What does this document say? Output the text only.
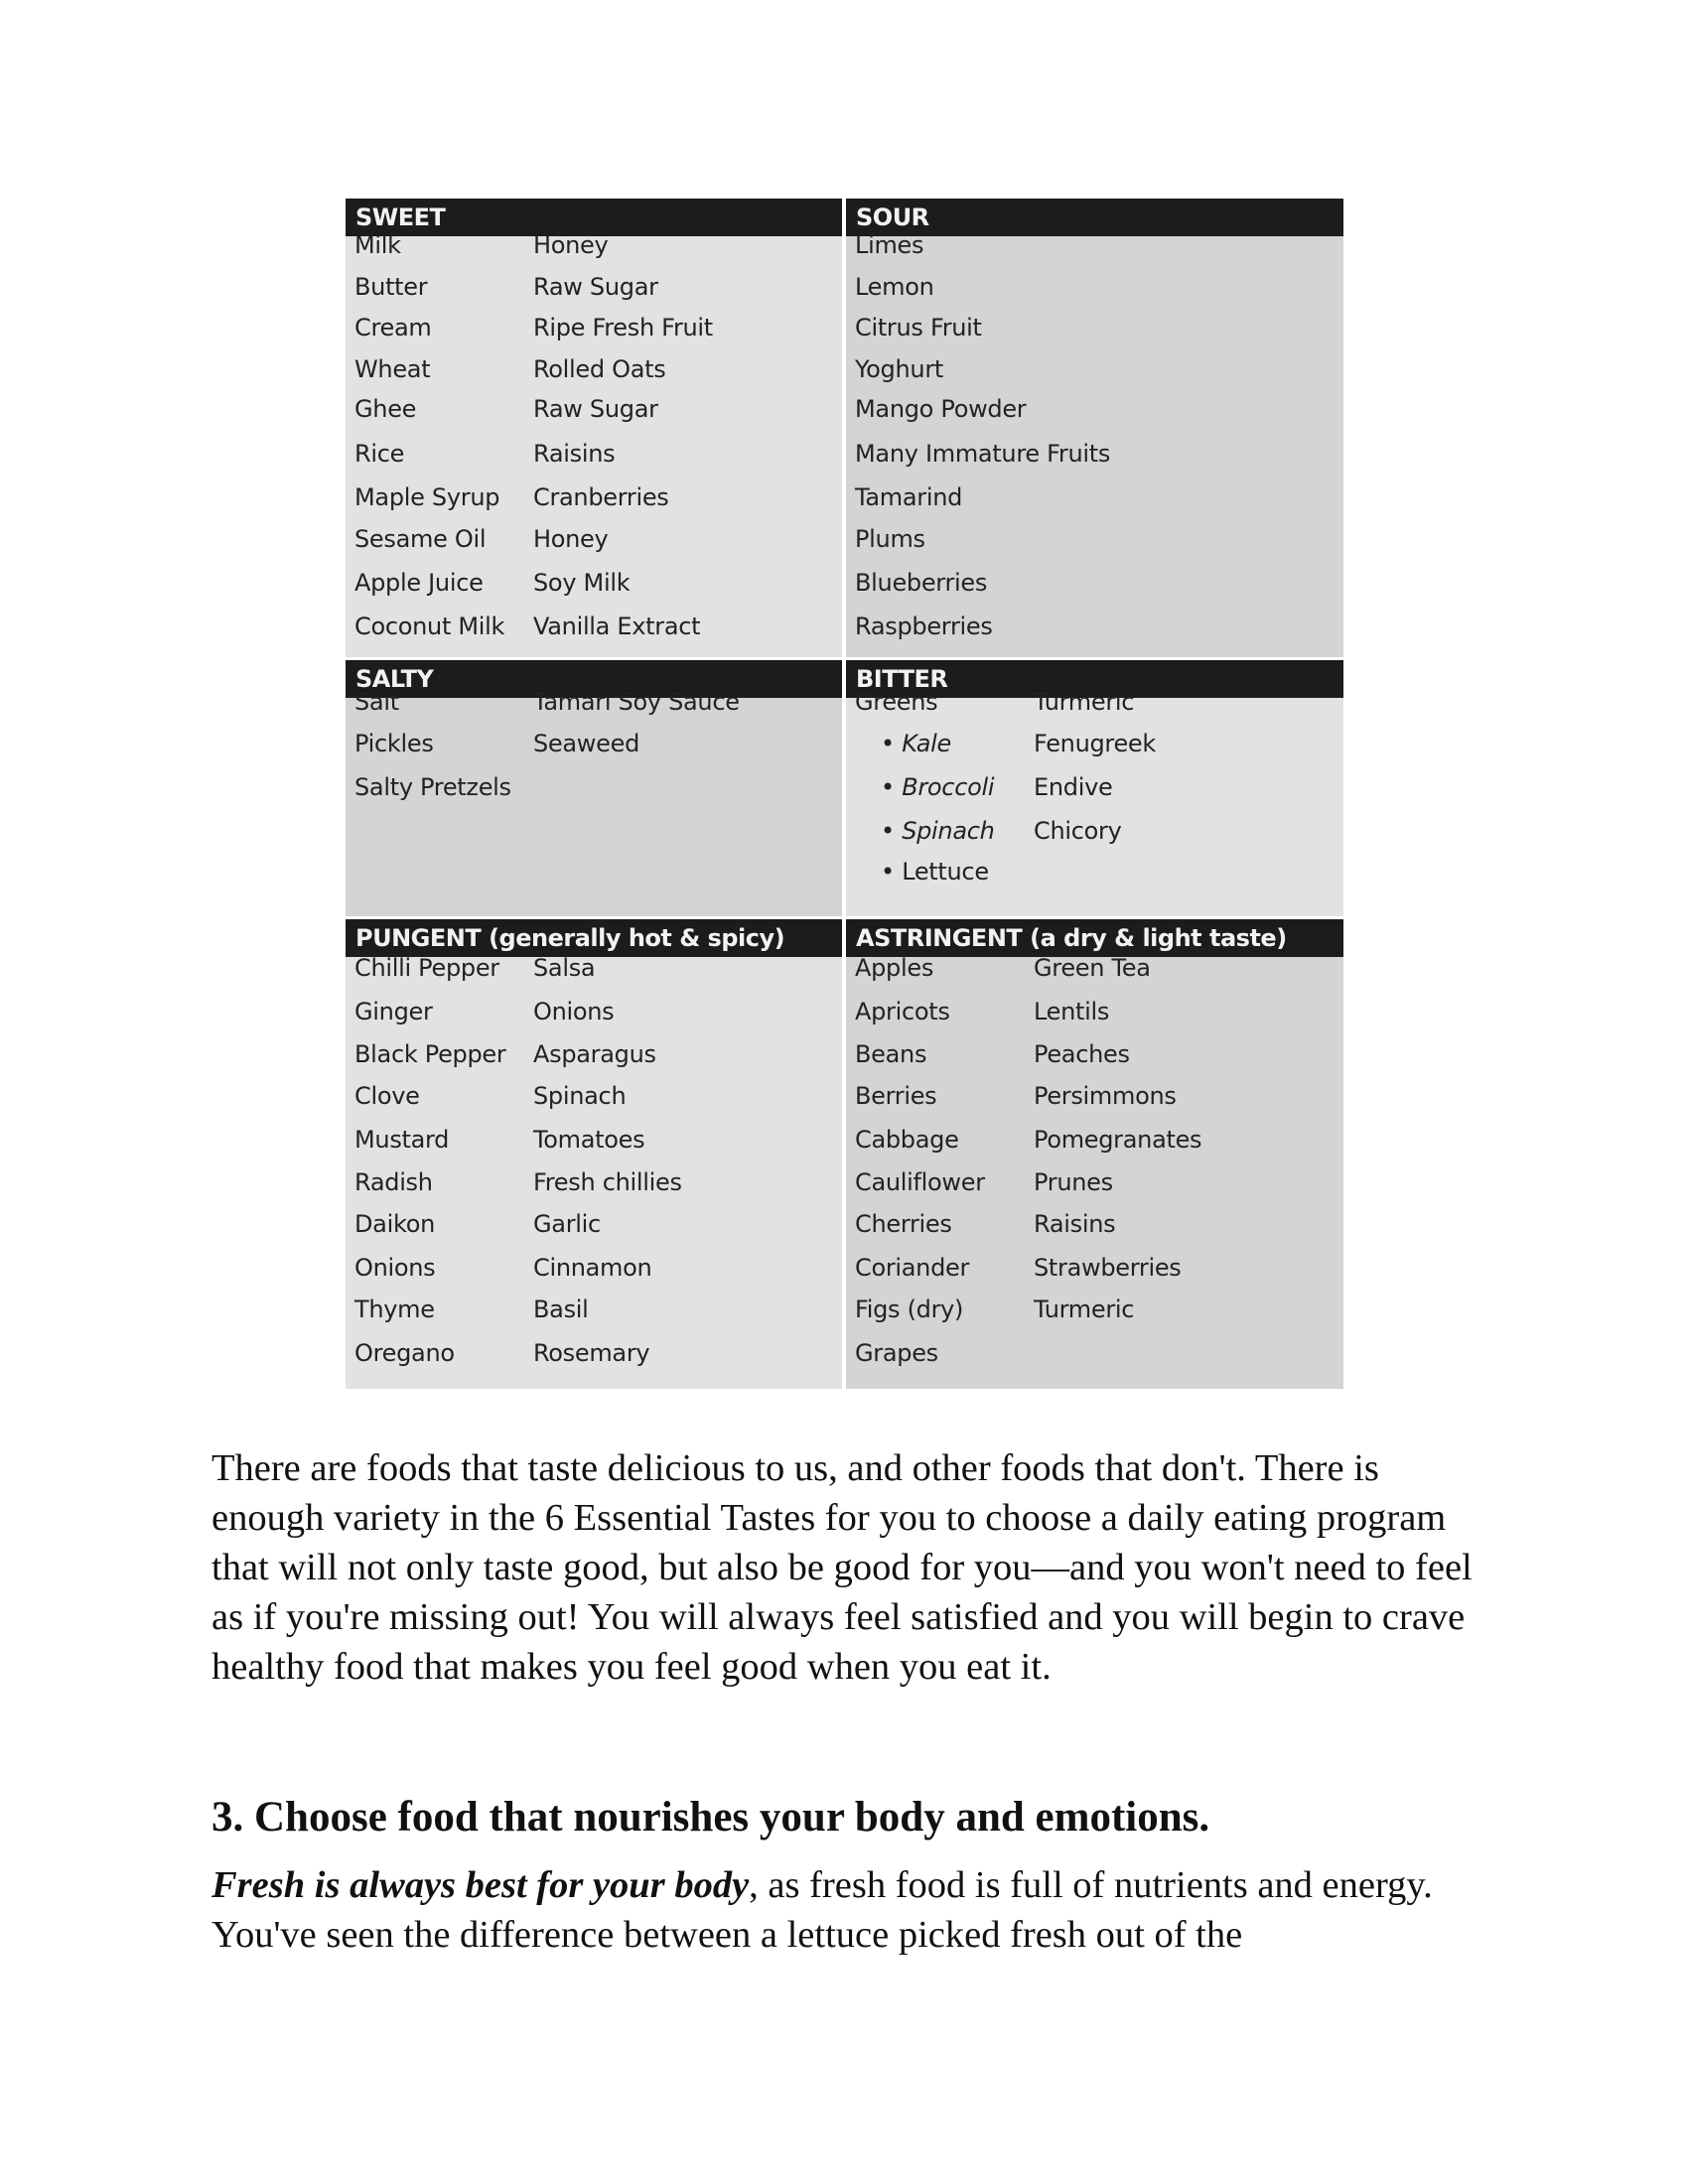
SWEET
Milk
Butter
Cream
Wheat
Ghee
Rice
Maple Syrup
Sesame Oil
Apple Juice
Coconut Milk
Honey
Raw Sugar
Ripe Fresh Fruit
Rolled Oats
Raw Sugar
Raisins
Cranberries
Honey
Soy Milk
Vanilla Extract
SOUR
Limes
Lemon
Citrus Fruit
Yoghurt
Mango Powder
Many Immature Fruits
Tamarind
Plums
Blueberries
Raspberries
SALTY
Salt
Pickles
Salty Pretzels
Tamari Soy Sauce
Seaweed
BITTER
Greens
• Kale
• Broccoli
• Spinach
• Lettuce
Turmeric
Fenugreek
Endive
Chicory
PUNGENT (generally hot & spicy)
Chilli Pepper
Ginger
Black Pepper
Clove
Mustard
Radish
Daikon
Onions
Thyme
Oregano
Salsa
Onions
Asparagus
Spinach
Tomatoes
Fresh chillies
Garlic
Cinnamon
Basil
Rosemary
ASTRINGENT (a dry & light taste)
Apples
Apricots
Beans
Berries
Cabbage
Cauliflower
Cherries
Coriander
Figs (dry)
Grapes
Green Tea
Lentils
Peaches
Persimmons
Pomegranates
Prunes
Raisins
Strawberries
Turmeric

There are foods that taste delicious to us, and other foods that don't. There is enough variety in the 6 Essential Tastes for you to choose a daily eating program that will not only taste good, but also be good for you—and you won't need to feel as if you're missing out! You will always feel satisfied and you will begin to crave healthy food that makes you feel good when you eat it.

3. Choose food that nourishes your body and emotions.

Fresh is always best for your body, as fresh food is full of nutrients and energy. You've seen the difference between a lettuce picked fresh out of the
